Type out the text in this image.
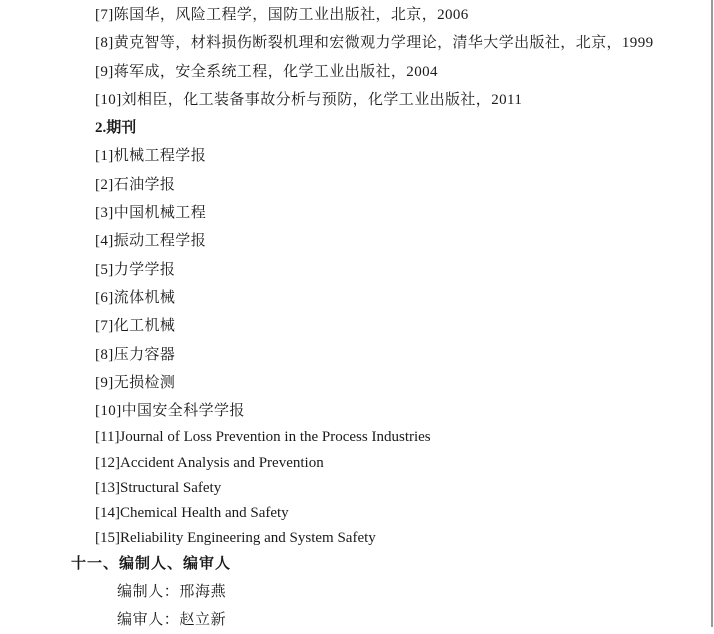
[7]陈国华，风险工程学，国防工业出版社，北京，2006
[8]黄克智等，材料损伤断裂机理和宏微观力学理论，清华大学出版社，北京，1999
[9]蒋军成，安全系统工程，化学工业出版社，2004
[10]刘相臣，化工装备事故分析与预防，化学工业出版社，2011
2.期刊
[1]机械工程学报
[2]石油学报
[3]中国机械工程
[4]振动工程学报
[5]力学学报
[6]流体机械
[7]化工机械
[8]压力容器
[9]无损检测
[10]中国安全科学学报
[11]Journal of Loss Prevention in the Process Industries
[12]Accident Analysis and Prevention
[13]Structural Safety
[14]Chemical Health and Safety
[15]Reliability Engineering and System Safety
十一、编制人、编审人
编制人：邢海燕
编审人：赵立新
